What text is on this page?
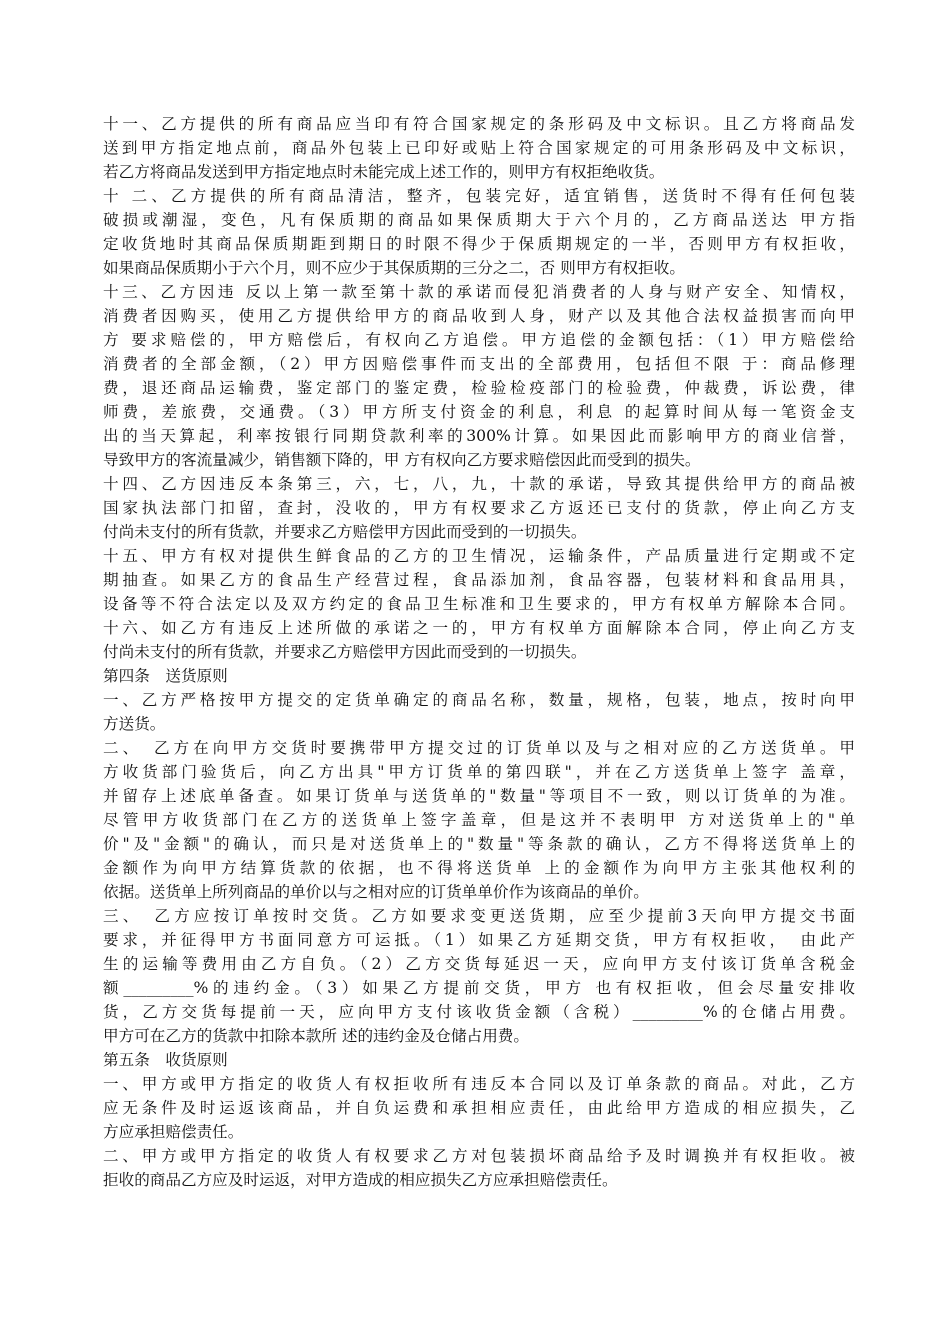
十一、乙方提供的所有商品应当印有符合国家规定的条形码及中文标识。且乙方将商品发
送到甲方指定地点前，商品外包装上已印好或贴上符合国家规定的可用条形码及中文标识，
若乙方将商品发送到甲方指定地点时未能完成上述工作的，则甲方有权拒绝收货。
十 二、乙方提供的所有商品清洁，整齐，包装完好，适宜销售，送货时不得有任何包装
破损或潮湿，变色，凡有保质期的商品如果保质期大于六个月的，乙方商品送达 甲方指
定收货地时其商品保质期距到期日的时限不得少于保质期规定的一半，否则甲方有权拒收，
如果商品保质期小于六个月，则不应少于其保质期的三分之二，否 则甲方有权拒收。
十三、乙方因违 反以上第一款至第十款的承诺而侵犯消费者的人身与财产安全、知情权，
消费者因购买，使用乙方提供给甲方的商品收到人身，财产以及其他合法权益损害而向甲
方 要求赔偿的，甲方赔偿后，有权向乙方追偿。甲方追偿的金额包括：（1）甲方赔偿给
消费者的全部金额，（2）甲方因赔偿事件而支出的全部费用，包括但不限 于：商品修理
费，退还商品运输费，鉴定部门的鉴定费，检验检疫部门的检验费，仲裁费，诉讼费，律
师费，差旅费，交通费。（3）甲方所支付资金的利息，利息 的起算时间从每一笔资金支
出的当天算起，利率按银行同期贷款利率的300%计算。如果因此而影响甲方的商业信誉，
导致甲方的客流量减少，销售额下降的，甲 方有权向乙方要求赔偿因此而受到的损失。
十四、乙方因违反本条第三，六，七，八，九，十款的承诺，导致其提供给甲方的商品被
国家执法部门扣留，查封，没收的，甲方有权要求乙方返还已支付的货款，停止向乙方支
付尚未支付的所有货款，并要求乙方赔偿甲方因此而受到的一切损失。
十五、甲方有权对提供生鲜食品的乙方的卫生情况，运输条件，产品质量进行定期或不定
期抽查。如果乙方的食品生产经营过程，食品添加剂，食品容器，包装材料和食品用具，
设备等不符合法定以及双方约定的食品卫生标准和卫生要求的，甲方有权单方解除本合同。
十六、如乙方有违反上述所做的承诺之一的，甲方有权单方面解除本合同，停止向乙方支
付尚未支付的所有货款，并要求乙方赔偿甲方因此而受到的一切损失。
第四条　送货原则
一、乙方严格按甲方提交的定货单确定的商品名称，数量，规格，包装，地点，按时向甲
方送货。
二、　乙方在向甲方交货时要携带甲方提交过的订货单以及与之相对应的乙方送货单。甲
方收货部门验货后，向乙方出具"甲方订货单的第四联"，并在乙方送货单上签字 盖章，
并留存上述底单备查。如果订货单与送货单的"数量"等项目不一致，则以订货单的为准。
尽管甲方收货部门在乙方的送货单上签字盖章，但是这并不表明甲 方对送货单上的"单
价"及"金额"的确认，而只是对送货单上的"数量"等条款的确认，乙方不得将送货单上的
金额作为向甲方结算货款的依据，也不得将送货单 上的金额作为向甲方主张其他权利的
依据。送货单上所列商品的单价以与之相对应的订货单单价作为该商品的单价。
三、　乙方应按订单按时交货。乙方如要求变更送货期，应至少提前3天向甲方提交书面
要求，并征得甲方书面同意方可运抵。（1）如果乙方延期交货，甲方有权拒收，　由此产
生的运输等费用由乙方自负。（2）乙方交货每延迟一天，应向甲方支付该订货单含税金
额_________%的违约金。（3）如果乙方提前交货，甲方 也有权拒收，但会尽量安排收
货，乙方交货每提前一天，应向甲方支付该收货金额（含税）_________%的仓储占用费。
甲方可在乙方的货款中扣除本款所 述的违约金及仓储占用费。
第五条　收货原则
一、甲方或甲方指定的收货人有权拒收所有违反本合同以及订单条款的商品。对此，乙方
应无条件及时运返该商品，并自负运费和承担相应责任，由此给甲方造成的相应损失，乙
方应承担赔偿责任。
二、甲方或甲方指定的收货人有权要求乙方对包装损坏商品给予及时调换并有权拒收。被
拒收的商品乙方应及时运返，对甲方造成的相应损失乙方应承担赔偿责任。
